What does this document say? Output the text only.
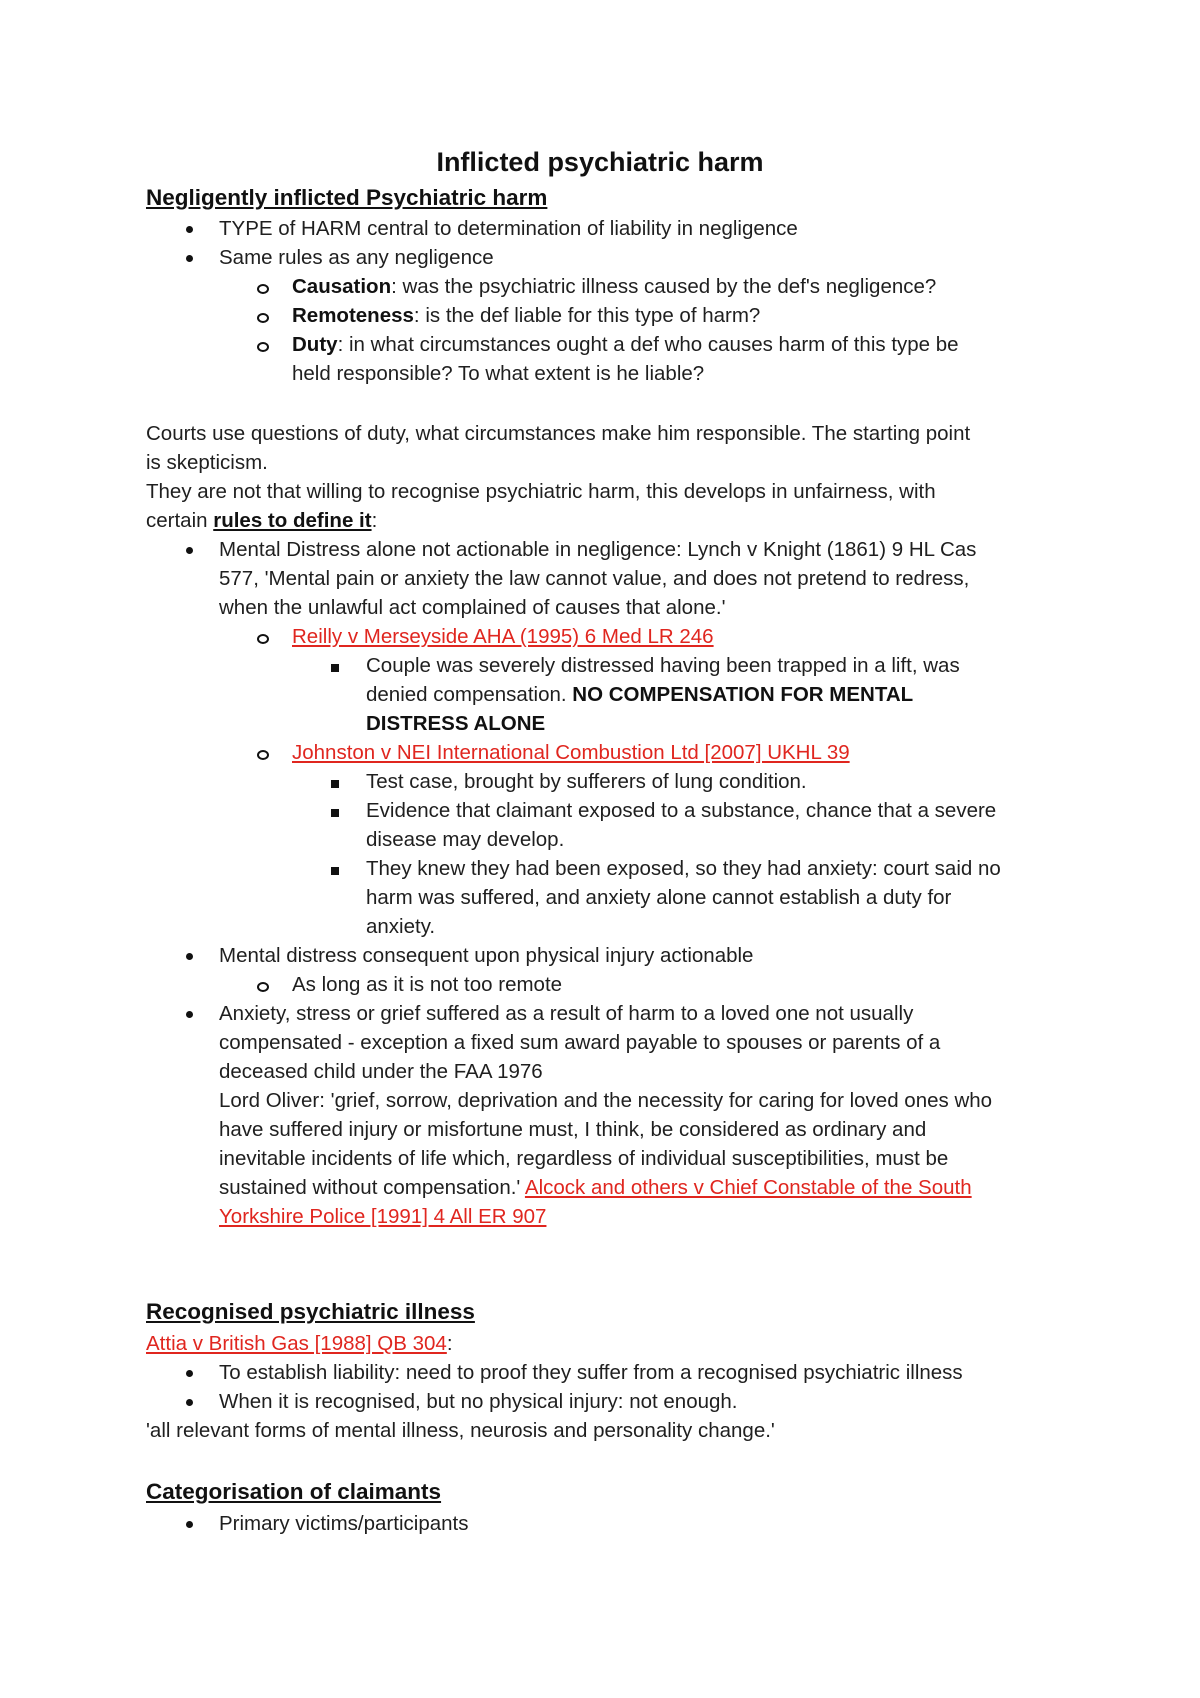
Inflicted psychiatric harm
Negligently inflicted Psychiatric harm

TYPE of HARM central to determination of liability in negligence

Same rules as any negligence

Causation: was the psychiatric illness caused by the def's negligence?

Remoteness: is the def liable for this type of harm?

Duty: in what circumstances ought a def who causes harm of this type be

held responsible? To what extent is he liable?

Courts use questions of duty, what circumstances make him responsible. The starting point

is skepticism.

They are not that willing to recognise psychiatric harm, this develops in unfairness, with

certain rules to define it:

Mental Distress alone not actionable in negligence: Lynch v Knight (1861) 9 HL Cas

577, 'Mental pain or anxiety the law cannot value, and does not pretend to redress,

when the unlawful act complained of causes that alone.'

Reilly v Merseyside AHA (1995) 6 Med LR 246

Couple was severely distressed having been trapped in a lift, was

denied compensation. NO COMPENSATION FOR MENTAL

DISTRESS ALONE

Johnston v NEI International Combustion Ltd [2007] UKHL 39

Test case, brought by sufferers of lung condition.

Evidence that claimant exposed to a substance, chance that a severe

disease may develop.

They knew they had been exposed, so they had anxiety: court said no

harm was suffered, and anxiety alone cannot establish a duty for

anxiety.

Mental distress consequent upon physical injury actionable

As long as it is not too remote

Anxiety, stress or grief suffered as a result of harm to a loved one not usually

compensated - exception a fixed sum award payable to spouses or parents of a

deceased child under the FAA 1976

Lord Oliver: 'grief, sorrow, deprivation and the necessity for caring for loved ones who

have suffered injury or misfortune must, I think, be considered as ordinary and

inevitable incidents of life which, regardless of individual susceptibilities, must be

sustained without compensation.' Alcock and others v Chief Constable of the South

Yorkshire Police [1991] 4 All ER 907

Recognised psychiatric illness

Attia v British Gas [1988] QB 304:

To establish liability: need to proof they suffer from a recognised psychiatric illness

When it is recognised, but no physical injury: not enough.

'all relevant forms of mental illness, neurosis and personality change.'

Categorisation of claimants

Primary victims/participants
